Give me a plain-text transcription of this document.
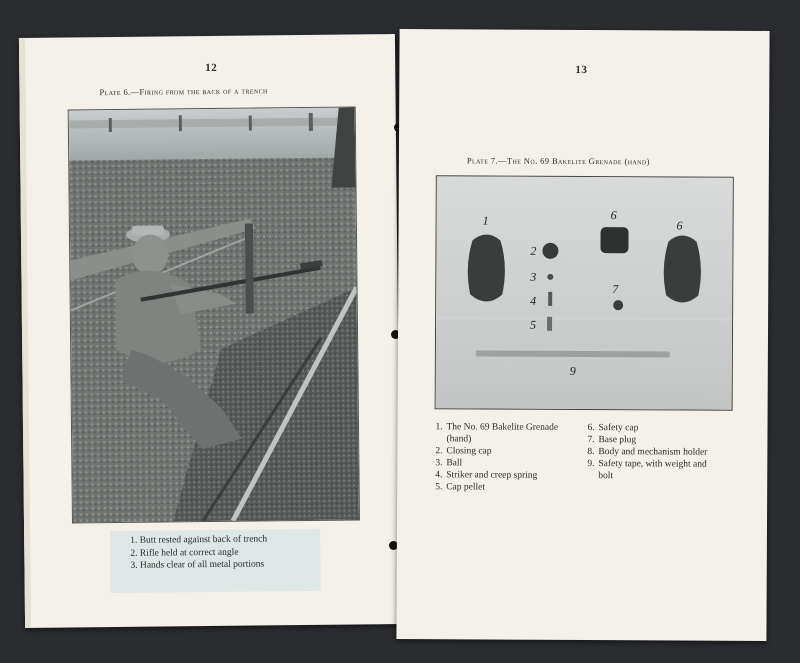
12
Plate 6.—Firing from the back of a trench
1. Butt rested against back of trench
2. Rifle held at correct angle
3. Hands clear of all metal portions
13
Plate 7.—The No. 69 Bakelite Grenade (hand)
1
2
3
4
5
6
6
7
9
1. The No. 69 Bakelite Grenade
(hand)
2. Closing cap
3. Ball
4. Striker and creep spring
5. Cap pellet
6. Safety cap
7. Base plug
8. Body and mechanism holder
9. Safety tape, with weight and
bolt
